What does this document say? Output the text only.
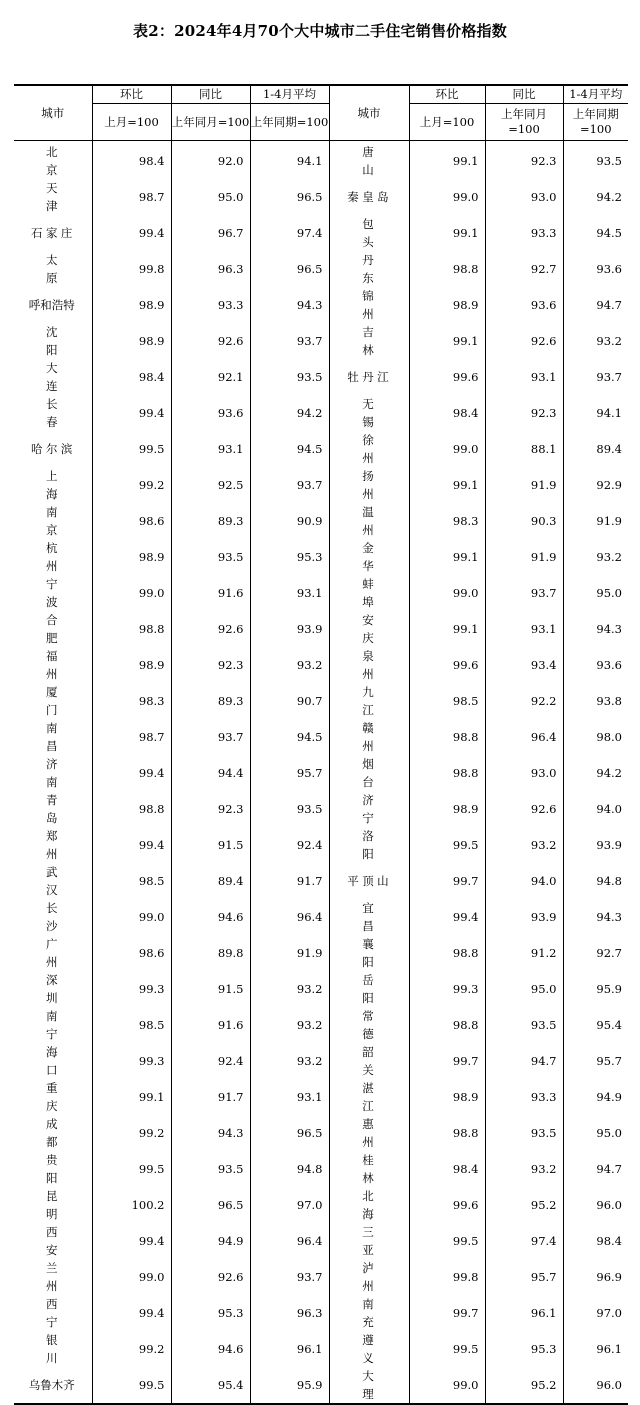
表2：2024年4月70个大中城市二手住宅销售价格指数
城市	环比	同比	1-4月平均	城市	环比	同比	1-4月平均
	上月=100	上年同月=100	上年同期=100		上月=100	上年同月=100	上年同期=100
北京	98.4	92.0	94.1	唐山	99.1	92.3	93.5
天津	98.7	95.0	96.5	秦皇岛	99.0	93.0	94.2
石家庄	99.4	96.7	97.4	包头	99.1	93.3	94.5
太原	99.8	96.3	96.5	丹东	98.8	92.7	93.6
呼和浩特	98.9	93.3	94.3	锦州	98.9	93.6	94.7
沈阳	98.9	92.6	93.7	吉林	99.1	92.6	93.2
大连	98.4	92.1	93.5	牡丹江	99.6	93.1	93.7
长春	99.4	93.6	94.2	无锡	98.4	92.3	94.1
哈尔滨	99.5	93.1	94.5	徐州	99.0	88.1	89.4
上海	99.2	92.5	93.7	扬州	99.1	91.9	92.9
南京	98.6	89.3	90.9	温州	98.3	90.3	91.9
杭州	98.9	93.5	95.3	金华	99.1	91.9	93.2
宁波	99.0	91.6	93.1	蚌埠	99.0	93.7	95.0
合肥	98.8	92.6	93.9	安庆	99.1	93.1	94.3
福州	98.9	92.3	93.2	泉州	99.6	93.4	93.6
厦门	98.3	89.3	90.7	九江	98.5	92.2	93.8
南昌	98.7	93.7	94.5	赣州	98.8	96.4	98.0
济南	99.4	94.4	95.7	烟台	98.8	93.0	94.2
青岛	98.8	92.3	93.5	济宁	98.9	92.6	94.0
郑州	99.4	91.5	92.4	洛阳	99.5	93.2	93.9
武汉	98.5	89.4	91.7	平顶山	99.7	94.0	94.8
长沙	99.0	94.6	96.4	宜昌	99.4	93.9	94.3
广州	98.6	89.8	91.9	襄阳	98.8	91.2	92.7
深圳	99.3	91.5	93.2	岳阳	99.3	95.0	95.9
南宁	98.5	91.6	93.2	常德	98.8	93.5	95.4
海口	99.3	92.4	93.2	韶关	99.7	94.7	95.7
重庆	99.1	91.7	93.1	湛江	98.9	93.3	94.9
成都	99.2	94.3	96.5	惠州	98.8	93.5	95.0
贵阳	99.5	93.5	94.8	桂林	98.4	93.2	94.7
昆明	100.2	96.5	97.0	北海	99.6	95.2	96.0
西安	99.4	94.9	96.4	三亚	99.5	97.4	98.4
兰州	99.0	92.6	93.7	泸州	99.8	95.7	96.9
西宁	99.4	95.3	96.3	南充	99.7	96.1	97.0
银川	99.2	94.6	96.1	遵义	99.5	95.3	96.1
乌鲁木齐	99.5	95.4	95.9	大理	99.0	95.2	96.0
